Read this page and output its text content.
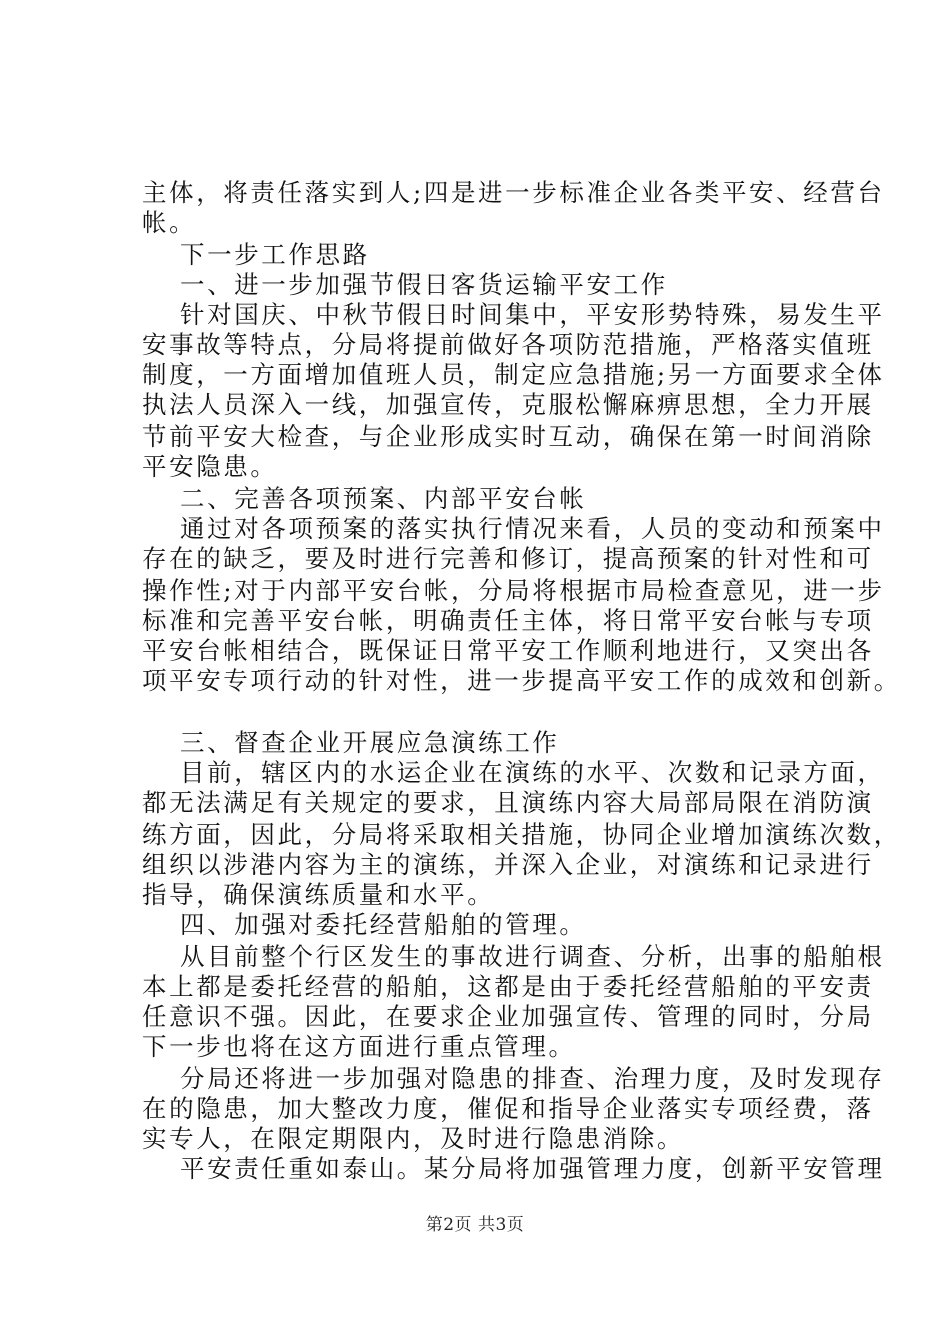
主体，将责任落实到人;四是进一步标准企业各类平安、经营台
帐。
下一步工作思路
一、进一步加强节假日客货运输平安工作
针对国庆、中秋节假日时间集中，平安形势特殊，易发生平
安事故等特点，分局将提前做好各项防范措施，严格落实值班
制度，一方面增加值班人员，制定应急措施;另一方面要求全体
执法人员深入一线，加强宣传，克服松懈麻痹思想，全力开展
节前平安大检查，与企业形成实时互动，确保在第一时间消除
平安隐患。
二、完善各项预案、内部平安台帐
通过对各项预案的落实执行情况来看，人员的变动和预案中
存在的缺乏，要及时进行完善和修订，提高预案的针对性和可
操作性;对于内部平安台帐，分局将根据市局检查意见，进一步
标准和完善平安台帐，明确责任主体，将日常平安台帐与专项
平安台帐相结合，既保证日常平安工作顺利地进行，又突出各
项平安专项行动的针对性，进一步提高平安工作的成效和创新。
三、督查企业开展应急演练工作
目前，辖区内的水运企业在演练的水平、次数和记录方面，
都无法满足有关规定的要求，且演练内容大局部局限在消防演
练方面，因此，分局将采取相关措施，协同企业增加演练次数，
组织以涉港内容为主的演练，并深入企业，对演练和记录进行
指导，确保演练质量和水平。
四、加强对委托经营船舶的管理。
从目前整个行区发生的事故进行调查、分析，出事的船舶根
本上都是委托经营的船舶，这都是由于委托经营船舶的平安责
任意识不强。因此，在要求企业加强宣传、管理的同时，分局
下一步也将在这方面进行重点管理。
分局还将进一步加强对隐患的排查、治理力度，及时发现存
在的隐患，加大整改力度，催促和指导企业落实专项经费，落
实专人，在限定期限内，及时进行隐患消除。
平安责任重如泰山。某分局将加强管理力度，创新平安管理
第2页 共3页
